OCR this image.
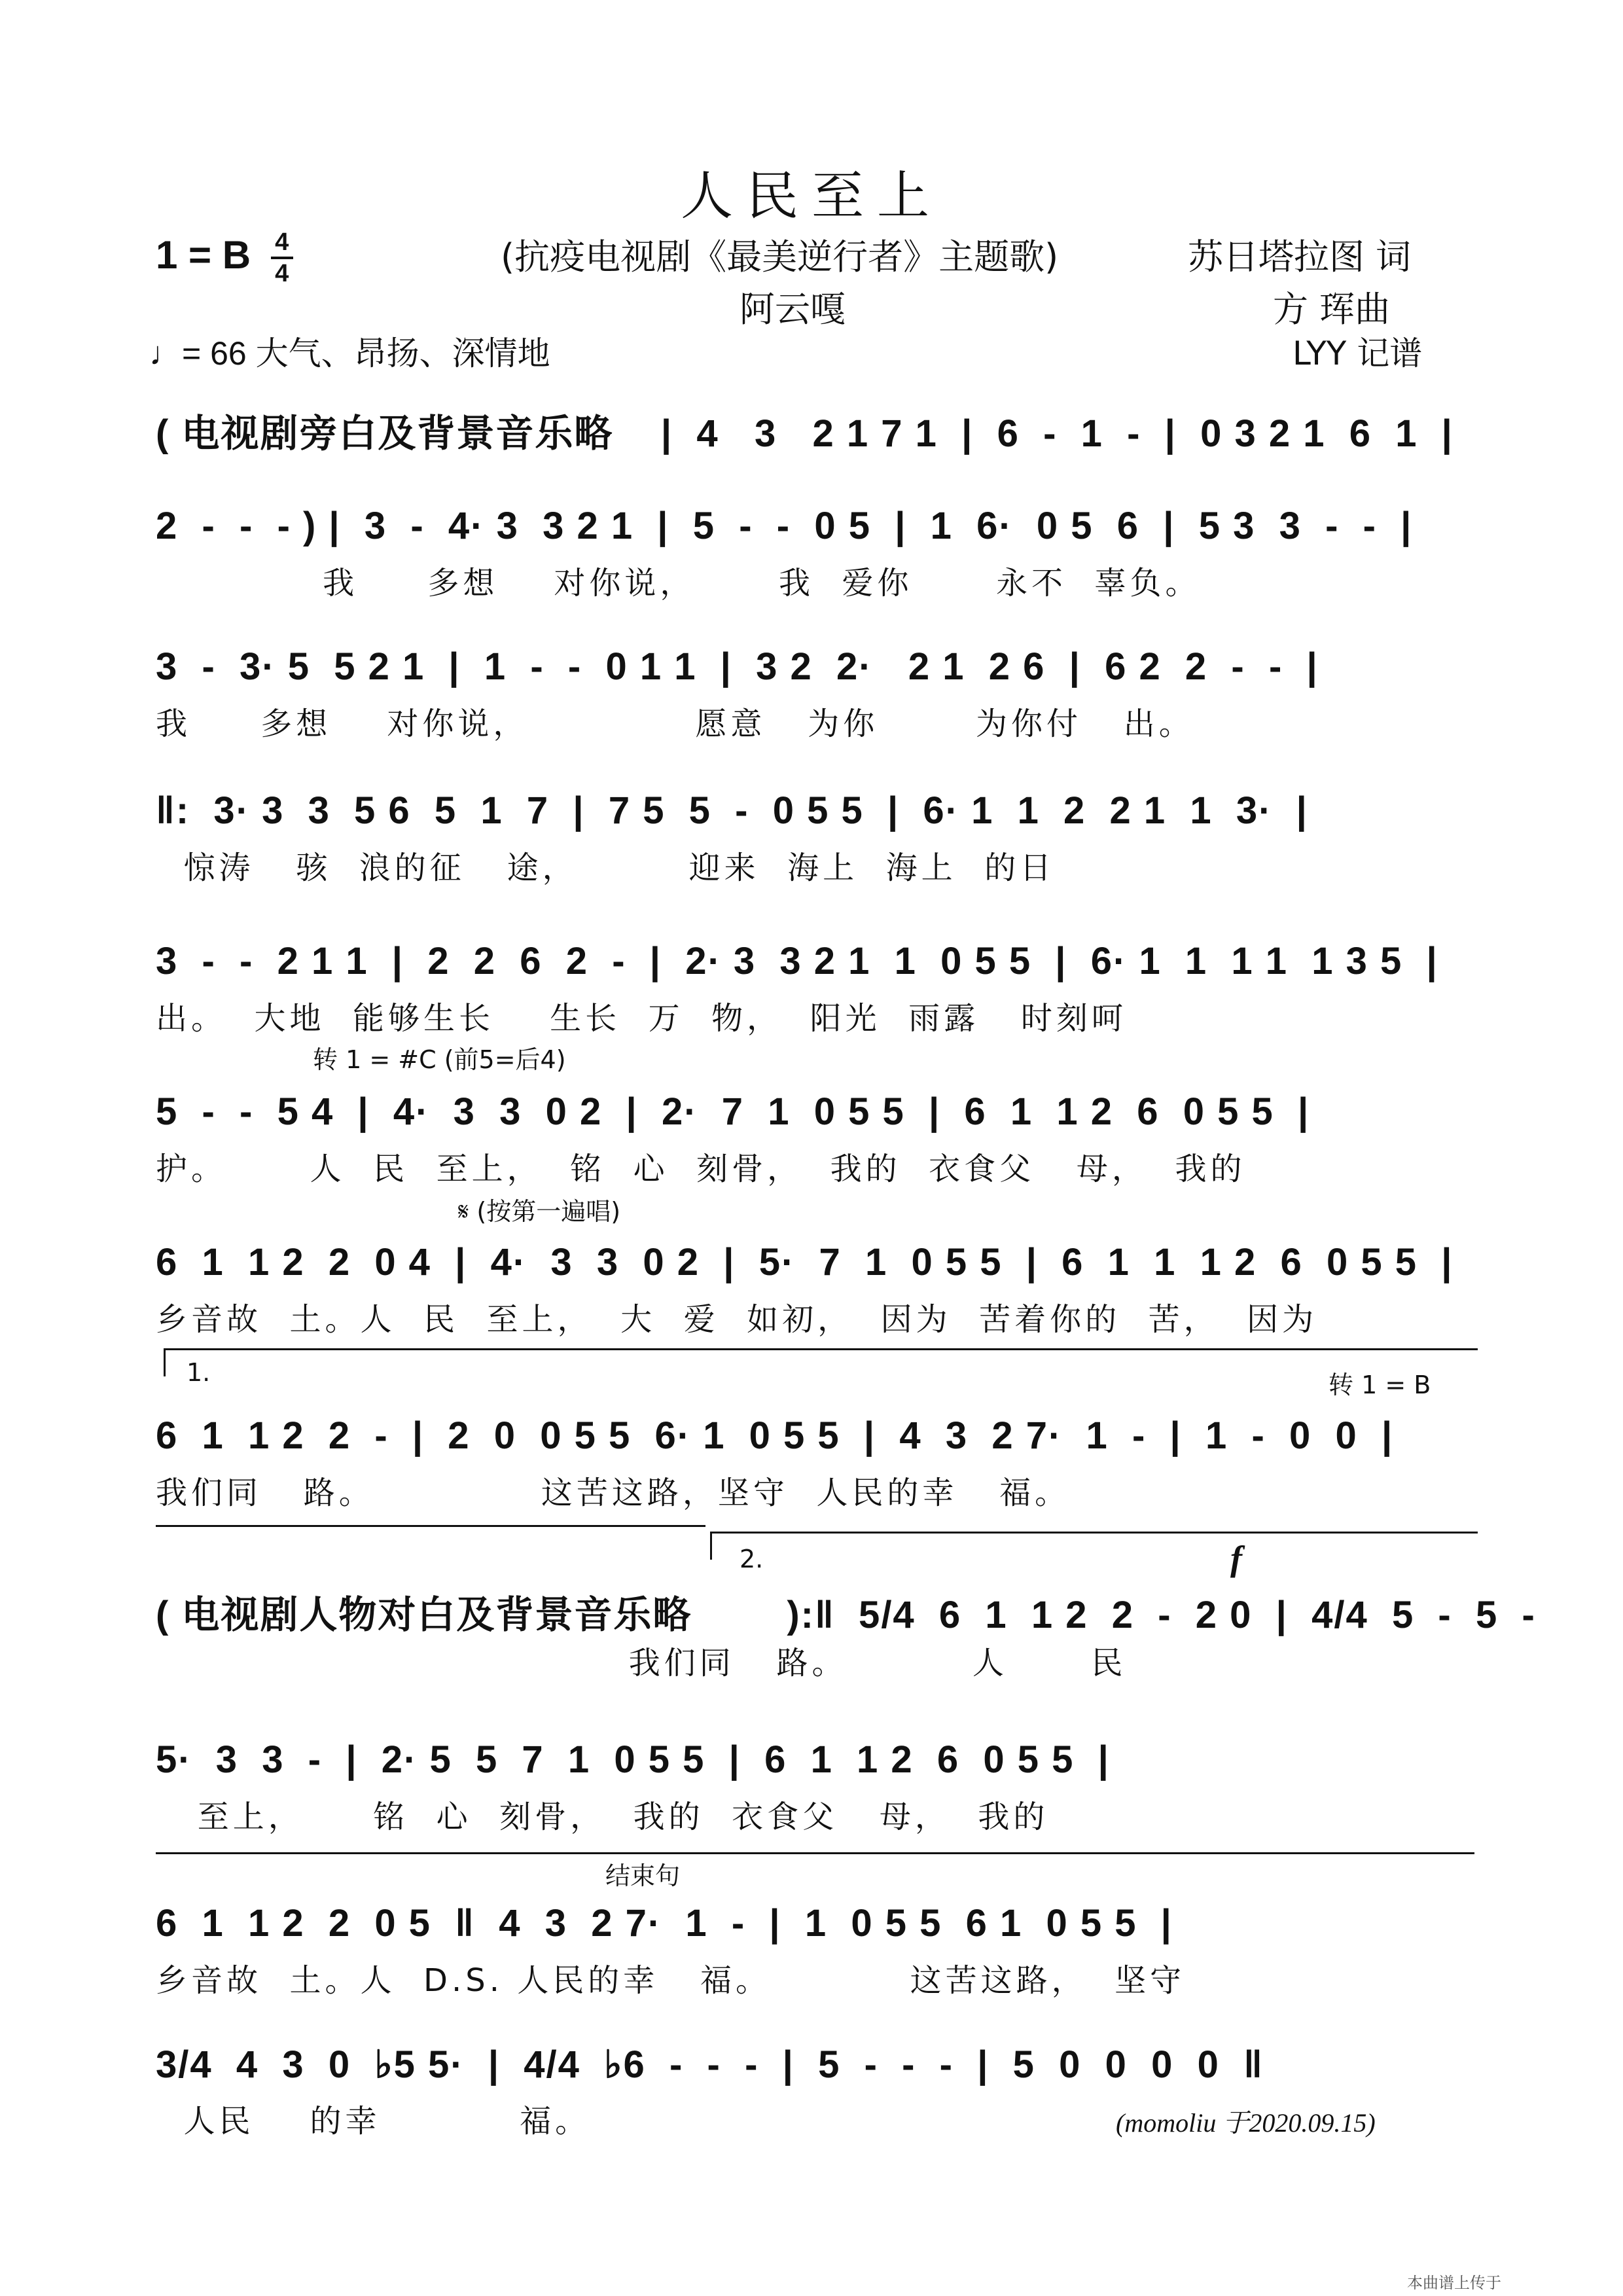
人民至上
1 = B $\frac{4}{4}$	(抗疫电视剧《最美逆行者》主题歌)	苏日塔拉图 词
阿云嘎	方 珲曲
♩= 66 大气、昂扬、深情地	LYY 记谱
转 1 = #C (前5=后4)
𝄋 (按第一遍唱)
1.	转 1 = B
2.	f
结束句
( 电视剧旁白及背景音乐略    |  4   3   2 1 7 1  |  6  -  1  -  |  0 3 2 1  6  1  |
2  -  -  - ) |  3  -  4· 3  3 2 1  |  5  -  -  0 5  |  1  6·  0 5  6  |  5 3  3  -  -  |
我     多想    对你说，      我  爱你      永不  辜负。
3  -  3· 5  5 2 1  |  1  -  -  0 1 1  |  3 2  2·   2 1  2 6  |  6 2  2  -  -  |
我     多想    对你说，            愿意   为你       为你付   出。
‖:  3· 3  3  5 6  5  1  7  |  7 5  5  -  0 5 5  |  6· 1  1  2  2 1  1  3·  |
惊涛   骇  浪的征   途，        迎来  海上  海上  的日
3  -  -  2 1 1  |  2  2  6  2  -  |  2· 3  3 2 1  1  0 5 5  |  6· 1  1  1 1  1 3 5  |
出。  大地  能够生长    生长  万  物，  阳光  雨露   时刻呵
5  -  -  5 4  |  4·  3  3  0 2  |  2·  7  1  0 5 5  |  6  1  1 2  6  0 5 5  |
护。      人  民  至上，  铭  心  刻骨，  我的  衣食父   母，  我的
6  1  1 2  2  0 4  |  4·  3  3  0 2  |  5·  7  1  0 5 5  |  6  1  1  1 2  6  0 5 5  |
乡音故  土。人  民  至上，  大  爱  如初，  因为  苦着你的  苦，  因为
6  1  1 2  2  -  |  2  0  0 5 5  6· 1  0 5 5  |  4  3  2 7·  1  -  |  1  -  0  0  |
我们同   路。            这苦这路，坚守  人民的幸   福。
( 电视剧人物对白及背景音乐略        ):‖  5/4  6  1  1 2  2  -  2 0  |  4/4  5  -  5  -
我们同   路。         人      民
5·  3  3  -  |  2· 5  5  7  1  0 5 5  |  6  1  1 2  6  0 5 5  |
至上，     铭  心  刻骨，  我的  衣食父   母，  我的
6  1  1 2  2  0 5  ‖  4  3  2 7·  1  -  |  1  0 5 5  6 1  0 5 5  |
乡音故  土。人  D.S. 人民的幸   福。          这苦这路，  坚守
3/4  4  3  0  ♭5 5·  |  4/4  ♭6  -  -  -  |  5  -  -  -  |  5  0  0  0  0  ‖
人民    的幸          福。	(momoliu 于2020.09.15)
本曲谱上传于
